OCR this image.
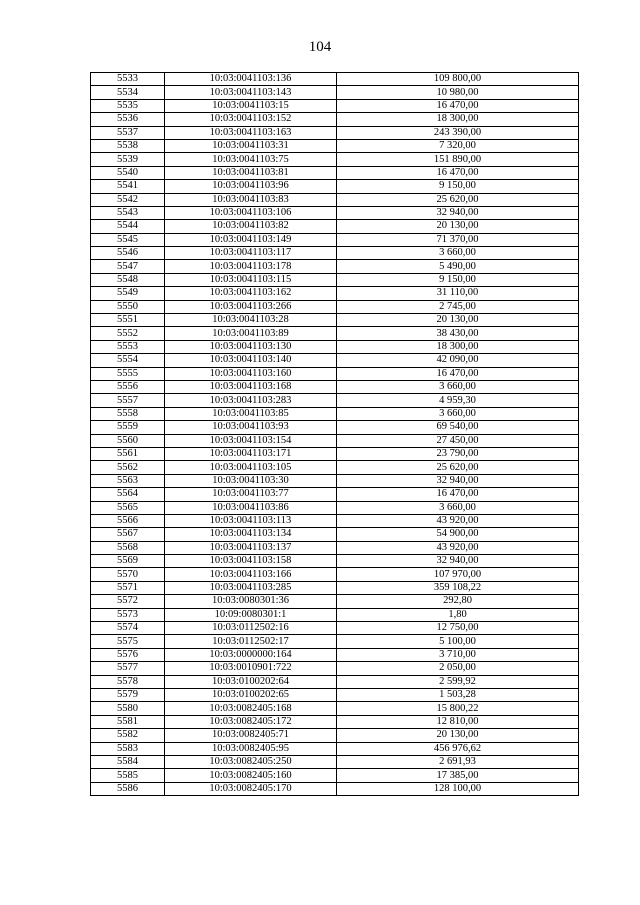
104
5533	10:03:0041103:136	109 800,00
5534	10:03:0041103:143	10 980,00
5535	10:03:0041103:15	16 470,00
5536	10:03:0041103:152	18 300,00
5537	10:03:0041103:163	243 390,00
5538	10:03:0041103:31	7 320,00
5539	10:03:0041103:75	151 890,00
5540	10:03:0041103:81	16 470,00
5541	10:03:0041103:96	9 150,00
5542	10:03:0041103:83	25 620,00
5543	10:03:0041103:106	32 940,00
5544	10:03:0041103:82	20 130,00
5545	10:03:0041103:149	71 370,00
5546	10:03:0041103:117	3 660,00
5547	10:03:0041103:178	5 490,00
5548	10:03:0041103:115	9 150,00
5549	10:03:0041103:162	31 110,00
5550	10:03:0041103:266	2 745,00
5551	10:03:0041103:28	20 130,00
5552	10:03:0041103:89	38 430,00
5553	10:03:0041103:130	18 300,00
5554	10:03:0041103:140	42 090,00
5555	10:03:0041103:160	16 470,00
5556	10:03:0041103:168	3 660,00
5557	10:03:0041103:283	4 959,30
5558	10:03:0041103:85	3 660,00
5559	10:03:0041103:93	69 540,00
5560	10:03:0041103:154	27 450,00
5561	10:03:0041103:171	23 790,00
5562	10:03:0041103:105	25 620,00
5563	10:03:0041103:30	32 940,00
5564	10:03:0041103:77	16 470,00
5565	10:03:0041103:86	3 660,00
5566	10:03:0041103:113	43 920,00
5567	10:03:0041103:134	54 900,00
5568	10:03:0041103:137	43 920,00
5569	10:03:0041103:158	32 940,00
5570	10:03:0041103:166	107 970,00
5571	10:03:0041103:285	359 108,22
5572	10:03:0080301:36	292,80
5573	10:09:0080301:1	1,80
5574	10:03:0112502:16	12 750,00
5575	10:03:0112502:17	5 100,00
5576	10:03:0000000:164	3 710,00
5577	10:03:0010901:722	2 050,00
5578	10:03:0100202:64	2 599,92
5579	10:03:0100202:65	1 503,28
5580	10:03:0082405:168	15 800,22
5581	10:03:0082405:172	12 810,00
5582	10:03:0082405:71	20 130,00
5583	10:03:0082405:95	456 976,62
5584	10:03:0082405:250	2 691,93
5585	10:03:0082405:160	17 385,00
5586	10:03:0082405:170	128 100,00
